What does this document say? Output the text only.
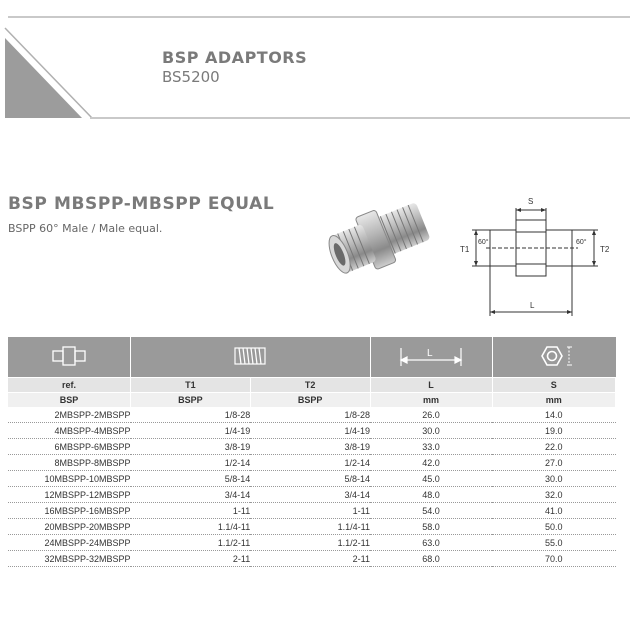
BSP ADAPTORS
BS5200
BSP MBSPP-MBSPP EQUAL
BSPP 60° Male / Male equal.
S
T1	T2
L
60°	60°

L

ref.	T1	T2	L	S
BSP	BSPP	BSPP	mm	mm
2MBSPP-2MBSPP	1/8-28	1/8-28	26.0	14.0
4MBSPP-4MBSPP	1/4-19	1/4-19	30.0	19.0
6MBSPP-6MBSPP	3/8-19	3/8-19	33.0	22.0
8MBSPP-8MBSPP	1/2-14	1/2-14	42.0	27.0
10MBSPP-10MBSPP	5/8-14	5/8-14	45.0	30.0
12MBSPP-12MBSPP	3/4-14	3/4-14	48.0	32.0
16MBSPP-16MBSPP	1-11	1-11	54.0	41.0
20MBSPP-20MBSPP	1.1/4-11	1.1/4-11	58.0	50.0
24MBSPP-24MBSPP	1.1/2-11	1.1/2-11	63.0	55.0
32MBSPP-32MBSPP	2-11	2-11	68.0	70.0
